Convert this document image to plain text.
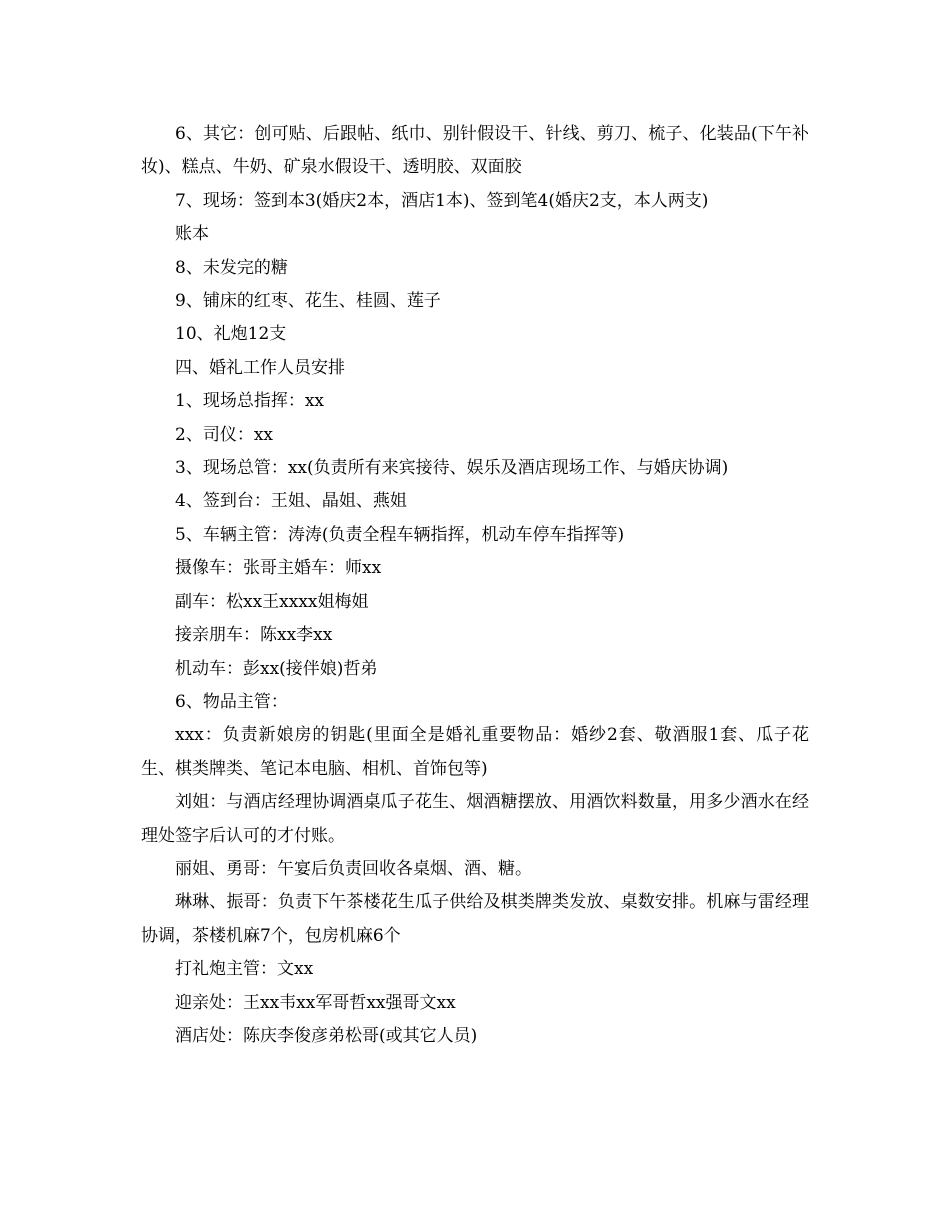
6、其它：创可贴、后跟帖、纸巾、别针假设干、针线、剪刀、梳子、化装品(下午补妆)、糕点、牛奶、矿泉水假设干、透明胶、双面胶

7、现场：签到本3(婚庆2本，酒店1本)、签到笔4(婚庆2支，本人两支)

账本

8、未发完的糖

9、铺床的红枣、花生、桂圆、莲子

10、礼炮12支

四、婚礼工作人员安排

1、现场总指挥：xx

2、司仪：xx

3、现场总管：xx(负责所有来宾接待、娱乐及酒店现场工作、与婚庆协调)

4、签到台：王姐、晶姐、燕姐

5、车辆主管：涛涛(负责全程车辆指挥，机动车停车指挥等)

摄像车：张哥主婚车：师xx

副车：松xx王xxxx姐梅姐

接亲朋车：陈xx李xx

机动车：彭xx(接伴娘)哲弟

6、物品主管：

xxx：负责新娘房的钥匙(里面全是婚礼重要物品：婚纱2套、敬酒服1套、瓜子花生、棋类牌类、笔记本电脑、相机、首饰包等)

刘姐：与酒店经理协调酒桌瓜子花生、烟酒糖摆放、用酒饮料数量，用多少酒水在经理处签字后认可的才付账。

丽姐、勇哥：午宴后负责回收各桌烟、酒、糖。

琳琳、振哥：负责下午茶楼花生瓜子供给及棋类牌类发放、桌数安排。机麻与雷经理协调，茶楼机麻7个，包房机麻6个

打礼炮主管：文xx

迎亲处：王xx韦xx军哥哲xx强哥文xx

酒店处：陈庆李俊彦弟松哥(或其它人员)
